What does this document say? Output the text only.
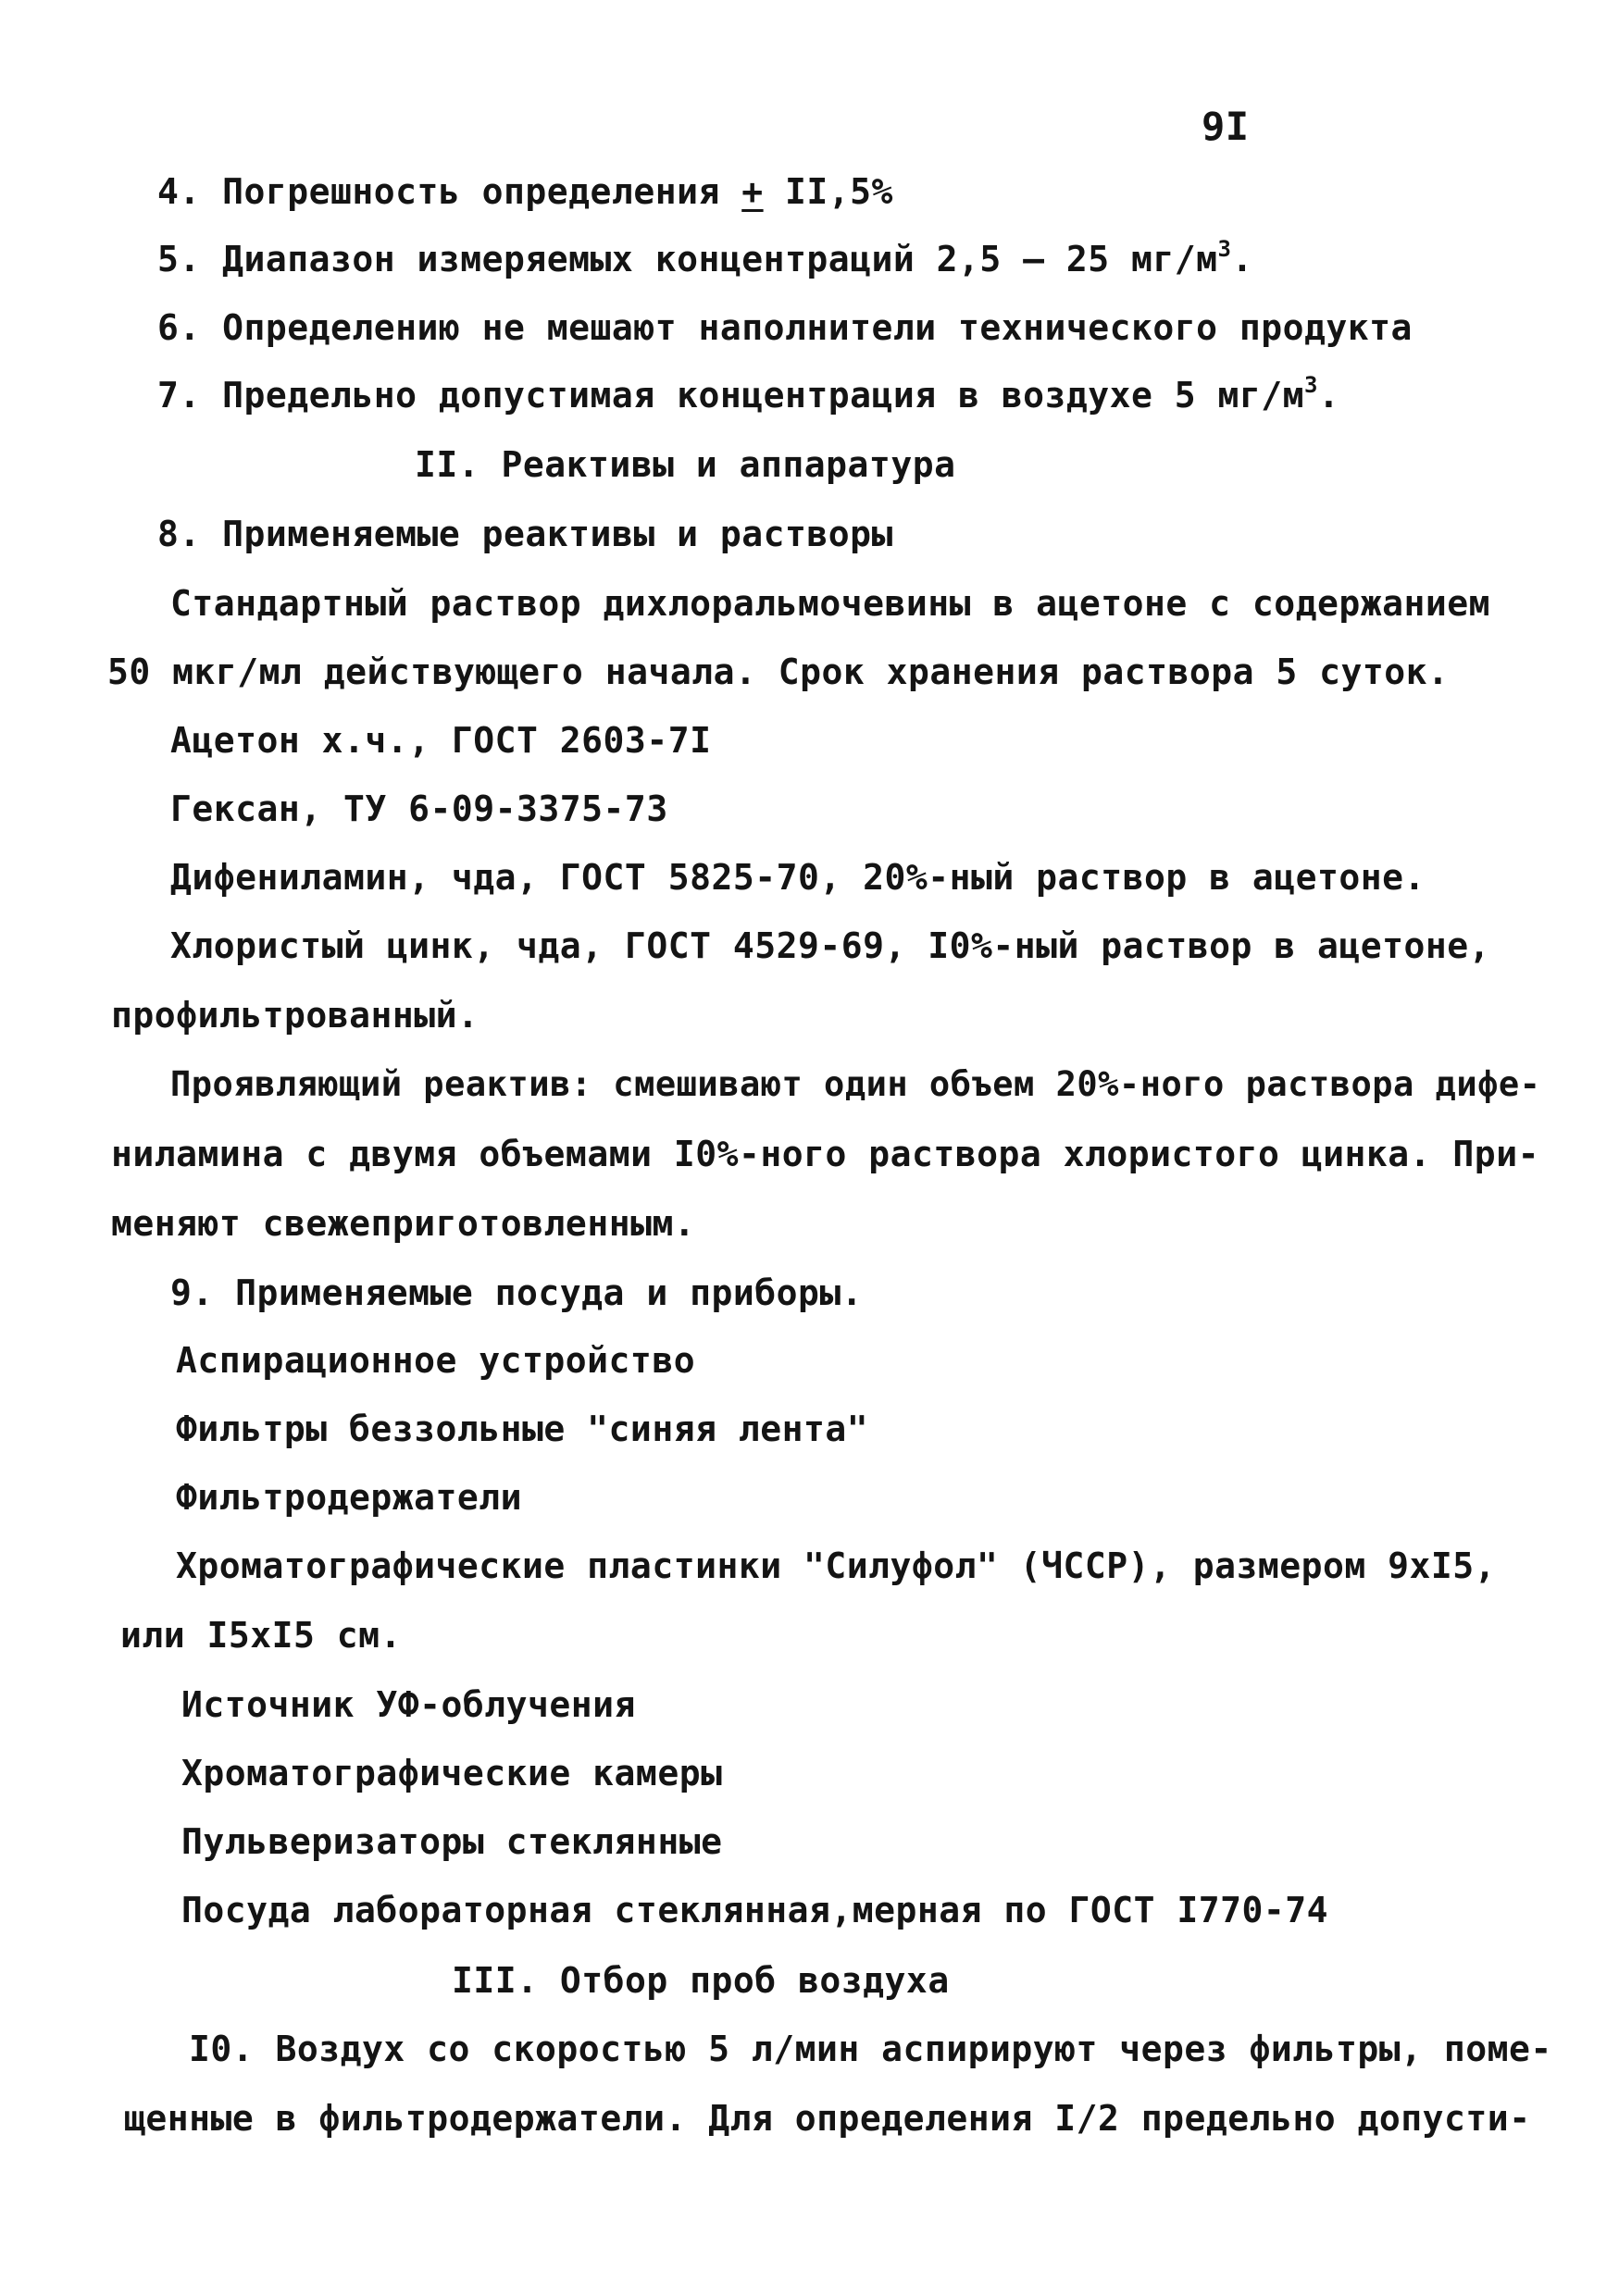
9I
4. Погрешность определения + II,5%
5. Диапазон измеряемых концентраций 2,5 – 25 $мг/м^3$.
6. Определению не мешают наполнители технического продукта
7. Предельно допустимая концентрация в воздухе 5 $мг/м^3$.
II. Реактивы и аппаратура
8. Применяемые реактивы и растворы
Стандартный раствор дихлоральмочевины в ацетоне с содержанием
50 мкг/мл действующего начала. Срок хранения раствора 5 суток.
Ацетон х.ч., ГОСТ 2603-7I
Гексан, ТУ 6-09-3375-73
Дифениламин, чда, ГОСТ 5825-70, 20%-ный раствор в ацетоне.
Хлористый цинк, чда, ГОСТ 4529-69, I0%-ный раствор в ацетоне,
профильтрованный.
Проявляющий реактив: смешивают один объем 20%-ного раствора дифе-
ниламина с двумя объемами I0%-ного раствора хлористого цинка. При-
меняют свежеприготовленным.
9. Применяемые посуда и приборы.
Аспирационное устройство
Фильтры беззольные "синяя лента"
Фильтродержатели
Хроматографические пластинки "Силуфол" (ЧССР), размером 9хI5,
или I5хI5 см.
Источник УФ-облучения
Хроматографические камеры
Пульверизаторы стеклянные
Посуда лабораторная стеклянная,мерная по ГОСТ I770-74
III. Отбор проб воздуха
I0. Воздух со скоростью 5 л/мин аспирируют через фильтры, поме-
щенные в фильтродержатели. Для определения I/2 предельно допусти-
